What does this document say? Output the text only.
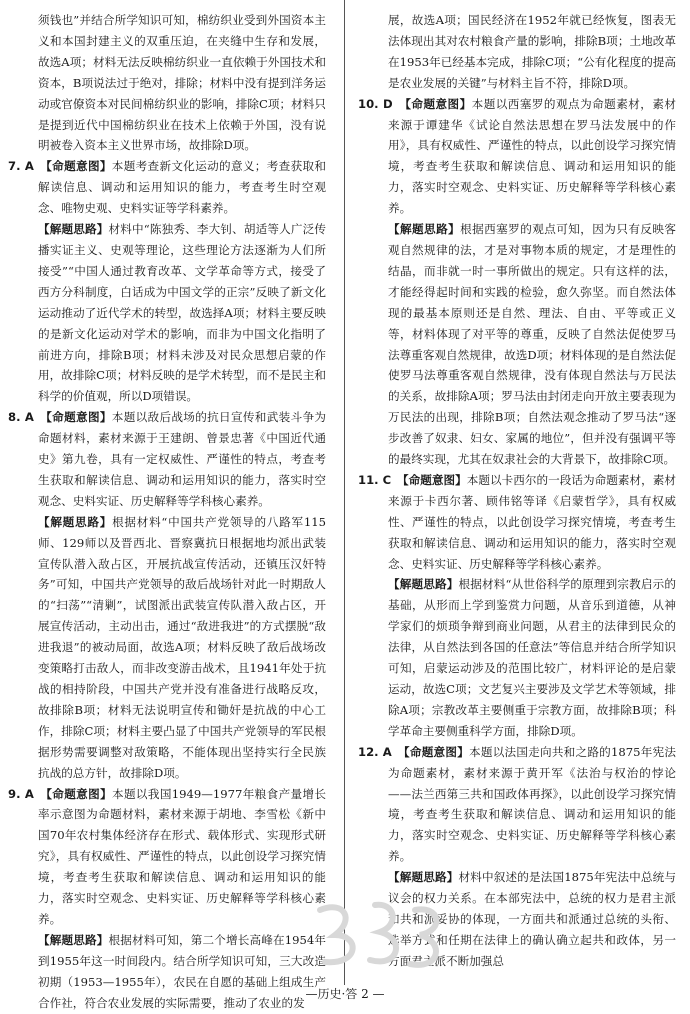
须钱也”并结合所学知识可知，棉纺织业受到外国资本主义和本国封建主义的双重压迫，在夹缝中生存和发展，故选A项；材料无法反映棉纺织业一直依赖于外国技术和资本，B项说法过于绝对，排除；材料中没有提到洋务运动或官僚资本对民间棉纺织业的影响，排除C项；材料只是提到近代中国棉纺织业在技术上依赖于外国，没有说明被卷入资本主义世界市场，故排除D项。

7. A　【命题意图】本题考查新文化运动的意义；考查获取和解读信息、调动和运用知识的能力，考查考生时空观念、唯物史观、史料实证等学科素养。

【解题思路】材料中“陈独秀、李大钊、胡适等人广泛传播实证主义、史观等理论，这些理论方法逐渐为人们所接受”“中国人通过教育改革、文学革命等方式，接受了西方分科制度，白话成为中国文学的正宗”反映了新文化运动推动了近代学术的转型，故选择A项；材料主要反映的是新文化运动对学术的影响，而非为中国文化指明了前进方向，排除B项；材料未涉及对民众思想启蒙的作用，故排除C项；材料反映的是学术转型，而不是民主和科学的价值观，所以D项错误。

8. A　【命题意图】本题以敌后战场的抗日宣传和武装斗争为命题材料，素材来源于王建朗、曾景忠著《中国近代通史》第九卷，具有一定权威性、严谨性的特点，考查考生获取和解读信息、调动和运用知识的能力，落实时空观念、史料实证、历史解释等学科核心素养。

【解题思路】根据材料“中国共产党领导的八路军115师、129师以及晋西北、晋察冀抗日根据地均派出武装宣传队潜入敌占区，开展抗战宣传活动，还镇压汉奸特务”可知，中国共产党领导的敌后战场针对此一时期敌人的“扫荡”“清剿”，试图派出武装宣传队潜入敌占区，开展宣传活动，主动出击，通过“敌进我进”的方式摆脱“敌进我退”的被动局面，故选A项；材料反映了敌后战场改变策略打击敌人，而非改变游击战术，且1941年处于抗战的相持阶段，中国共产党并没有准备进行战略反攻，故排除B项；材料无法说明宣传和锄奸是抗战的中心工作，排除C项；材料主要凸显了中国共产党领导的军民根据形势需要调整对敌策略，不能体现出坚持实行全民族抗战的总方针，故排除D项。

9. A　【命题意图】本题以我国1949—1977年粮食产量增长率示意图为命题材料，素材来源于胡地、李雪松《新中国70年农村集体经济存在形式、载体形式、实现形式研究》，具有权威性、严谨性的特点，以此创设学习探究情境，考查考生获取和解读信息、调动和运用知识的能力，落实时空观念、史料实证、历史解释等学科核心素养。

【解题思路】根据材料可知，第二个增长高峰在1954年到1955年这一时间段内。结合所学知识可知，三大改造初期（1953—1955年），农民在自愿的基础上组成生产合作社，符合农业发展的实际需要，推动了农业的发

展，故选A项；国民经济在1952年就已经恢复，图表无法体现出其对农村粮食产量的影响，排除B项；土地改革在1953年已经基本完成，排除C项；“公有化程度的提高是农业发展的关键”与材料主旨不符，排除D项。

10. D　【命题意图】本题以西塞罗的观点为命题素材，素材来源于谭建华《试论自然法思想在罗马法发展中的作用》，具有权威性、严谨性的特点，以此创设学习探究情境，考查考生获取和解读信息、调动和运用知识的能力，落实时空观念、史料实证、历史解释等学科核心素养。

【解题思路】根据西塞罗的观点可知，因为只有反映客观自然规律的法，才是对事物本质的规定，才是理性的结晶，而非就一时一事所做出的规定。只有这样的法，才能经得起时间和实践的检验，愈久弥坚。而自然法体现的最基本原则还是自然、理法、自由、平等或正义等，材料体现了对平等的尊重，反映了自然法促使罗马法尊重客观自然规律，故选D项；材料体现的是自然法促使罗马法尊重客观自然规律，没有体现自然法与万民法的关系，故排除A项；罗马法由封闭走向开放主要表现为万民法的出现，排除B项；自然法观念推动了罗马法“逐步改善了奴隶、妇女、家属的地位”，但并没有强调平等的最终实现，尤其在奴隶社会的大背景下，故排除C项。

11. C　【命题意图】本题以卡西尔的一段话为命题素材，素材来源于卡西尔著、顾伟铭等译《启蒙哲学》，具有权威性、严谨性的特点，以此创设学习探究情境，考查考生获取和解读信息、调动和运用知识的能力，落实时空观念、史料实证、历史解释等学科核心素养。

【解题思路】根据材料“从世俗科学的原理到宗教启示的基础，从形而上学到鉴赏力问题，从音乐到道德，从神学家们的烦琐争辩到商业问题，从君主的法律到民众的法律，从自然法到各国的任意法”等信息并结合所学知识可知，启蒙运动涉及的范围比较广，材料评论的是启蒙运动，故选C项；文艺复兴主要涉及文学艺术等领域，排除A项；宗教改革主要侧重于宗教方面，故排除B项；科学革命主要侧重科学方面，排除D项。

12. A　【命题意图】本题以法国走向共和之路的1875年宪法为命题素材，素材来源于黄开军《法治与权治的悖论——法兰西第三共和国政体再探》，以此创设学习探究情境，考查考生获取和解读信息、调动和运用知识的能力，落实时空观念、史料实证、历史解释等学科核心素养。

【解题思路】材料中叙述的是法国1875年宪法中总统与议会的权力关系。在本部宪法中，总统的权力是君主派和共和派妥协的体现，一方面共和派通过总统的头衔、选举方式和任期在法律上的确认确立起共和政体，另一方面君主派不断加强总

—历史·答 2 —
